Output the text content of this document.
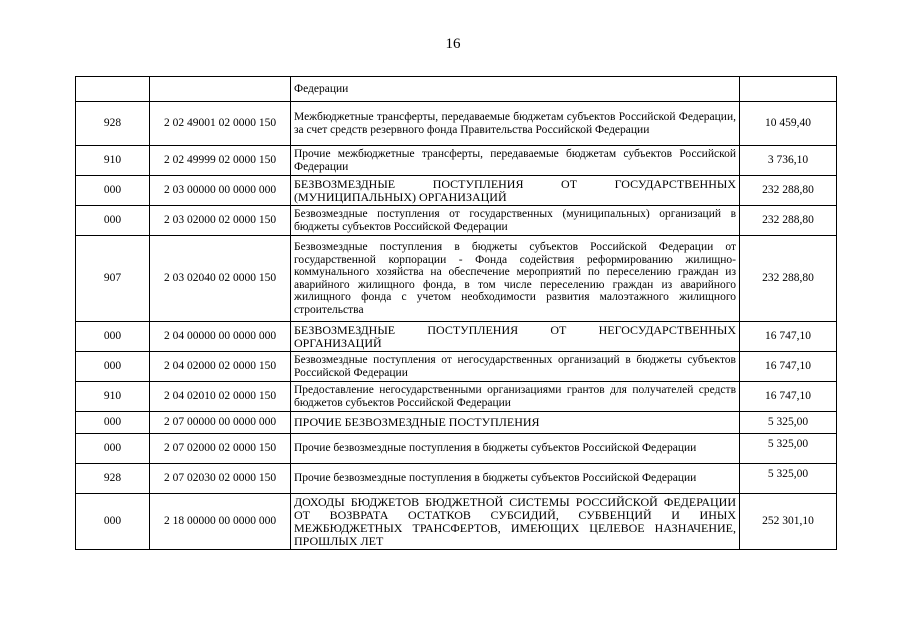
16
		Федерации	
928	2 02 49001 02 0000 150	Межбюджетные трансферты, передаваемые бюджетам субъектов Российской Федерации, за счет средств резервного фонда Правительства Российской Федерации	10 459,40
910	2 02 49999 02 0000 150	Прочие межбюджетные трансферты, передаваемые бюджетам субъектов Российской Федерации	3 736,10
000	2 03 00000 00 0000 000	БЕЗВОЗМЕЗДНЫЕ ПОСТУПЛЕНИЯ ОТ ГОСУДАРСТВЕННЫХ (МУНИЦИПАЛЬНЫХ) ОРГАНИЗАЦИЙ	232 288,80
000	2 03 02000 02 0000 150	Безвозмездные поступления от государственных (муниципальных) организаций в бюджеты субъектов Российской Федерации	232 288,80
907	2 03 02040 02 0000 150	Безвозмездные поступления в бюджеты субъектов Российской Федерации от государственной корпорации - Фонда содействия реформированию жилищно-коммунального хозяйства на обеспечение мероприятий по переселению граждан из аварийного жилищного фонда, в том числе переселению граждан из аварийного жилищного фонда с учетом необходимости развития малоэтажного жилищного строительства	232 288,80
000	2 04 00000 00 0000 000	БЕЗВОЗМЕЗДНЫЕ ПОСТУПЛЕНИЯ ОТ НЕГОСУДАРСТВЕННЫХ ОРГАНИЗАЦИЙ	16 747,10
000	2 04 02000 02 0000 150	Безвозмездные поступления от негосударственных организаций в бюджеты субъектов Российской Федерации	16 747,10
910	2 04 02010 02 0000 150	Предоставление негосударственными организациями грантов для получателей средств бюджетов субъектов Российской Федерации	16 747,10
000	2 07 00000 00 0000 000	ПРОЧИЕ БЕЗВОЗМЕЗДНЫЕ ПОСТУПЛЕНИЯ	5 325,00
000	2 07 02000 02 0000 150	Прочие безвозмездные поступления в бюджеты субъектов Российской Федерации	5 325,00
928	2 07 02030 02 0000 150	Прочие безвозмездные поступления в бюджеты субъектов Российской Федерации	5 325,00
000	2 18 00000 00 0000 000	ДОХОДЫ БЮДЖЕТОВ БЮДЖЕТНОЙ СИСТЕМЫ РОССИЙСКОЙ ФЕДЕРАЦИИ ОТ ВОЗВРАТА ОСТАТКОВ СУБСИДИЙ, СУБВЕНЦИЙ И ИНЫХ МЕЖБЮДЖЕТНЫХ ТРАНСФЕРТОВ, ИМЕЮЩИХ ЦЕЛЕВОЕ НАЗНАЧЕНИЕ, ПРОШЛЫХ ЛЕТ	252 301,10
